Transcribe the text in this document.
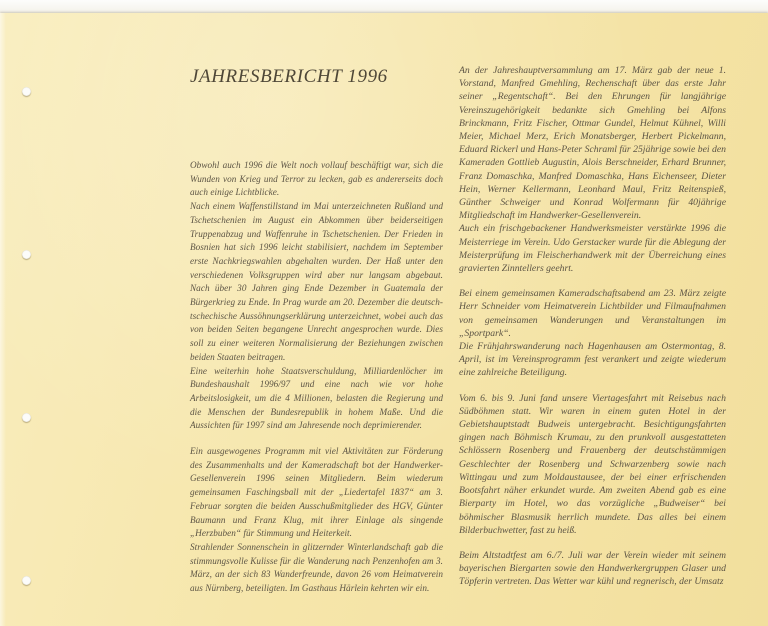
JAHRESBERICHT 1996

Obwohl auch 1996 die Welt noch vollauf beschäftigt war, sich die Wunden von Krieg und Terror zu lecken, gab es andererseits doch auch einige Lichtblicke.

Nach einem Waffenstillstand im Mai unterzeichneten Rußland und Tschetschenien im August ein Abkommen über beiderseitigen Truppenabzug und Waffenruhe in Tschetschenien. Der Frieden in Bosnien hat sich 1996 leicht stabilisiert, nachdem im September erste Nachkriegswahlen abgehalten wurden. Der Haß unter den verschiedenen Volksgruppen wird aber nur langsam abgebaut. Nach über 30 Jahren ging Ende Dezember in Guatemala der Bürgerkrieg zu Ende. In Prag wurde am 20. Dezember die deutsch-tschechische Aussöhnungserklärung unterzeichnet, wobei auch das von beiden Seiten begangene Unrecht angesprochen wurde. Dies soll zu einer weiteren Normalisierung der Beziehungen zwischen beiden Staaten beitragen.

Eine weiterhin hohe Staatsverschuldung, Milliardenlöcher im Bundeshaushalt 1996/97 und eine nach wie vor hohe Arbeitslosigkeit, um die 4 Millionen, belasten die Regierung und die Menschen der Bundesrepublik in hohem Maße. Und die Aussichten für 1997 sind am Jahresende noch deprimierender.

Ein ausgewogenes Programm mit viel Aktivitäten zur Förderung des Zusammenhalts und der Kameradschaft bot der Handwerker-Gesellenverein 1996 seinen Mitgliedern. Beim wiederum gemeinsamen Faschingsball mit der „Liedertafel 1837“ am 3. Februar sorgten die beiden Ausschußmitglieder des HGV, Günter Baumann und Franz Klug, mit ihrer Einlage als singende „Herzbuben“ für Stimmung und Heiterkeit.

Strahlender Sonnenschein in glitzernder Winterlandschaft gab die stimmungsvolle Kulisse für die Wanderung nach Penzenhofen am 3. März, an der sich 83 Wanderfreunde, davon 26 vom Heimatverein aus Nürnberg, beteiligten. Im Gasthaus Härlein kehrten wir ein.

An der Jahreshauptversammlung am 17. März gab der neue 1. Vorstand, Manfred Gmehling, Rechenschaft über das erste Jahr seiner „Regentschaft“. Bei den Ehrungen für langjährige Vereinszugehörigkeit bedankte sich Gmehling bei Alfons Brinckmann, Fritz Fischer, Ottmar Gundel, Helmut Kühnel, Willi Meier, Michael Merz, Erich Monatsberger, Herbert Pickelmann, Eduard Rickerl und Hans-Peter Schraml für 25jährige sowie bei den Kameraden Gottlieb Augustin, Alois Berschneider, Erhard Brunner, Franz Domaschka, Manfred Domaschka, Hans Eichenseer, Dieter Hein, Werner Kellermann, Leonhard Maul, Fritz Reitenspieß, Günther Schweiger und Konrad Wolfermann für 40jährige Mitgliedschaft im Handwerker-Gesellenverein.

Auch ein frischgebackener Handwerksmeister verstärkte 1996 die Meisterriege im Verein. Udo Gerstacker wurde für die Ablegung der Meisterprüfung im Fleischerhandwerk mit der Überreichung eines gravierten Zinntellers geehrt.

Bei einem gemeinsamen Kameradschaftsabend am 23. März zeigte Herr Schneider vom Heimatverein Lichtbilder und Filmaufnahmen von gemeinsamen Wanderungen und Veranstaltungen im „Sportpark“.

Die Frühjahrswanderung nach Hagenhausen am Ostermontag, 8. April, ist im Vereinsprogramm fest verankert und zeigte wiederum eine zahlreiche Beteiligung.

Vom 6. bis 9. Juni fand unsere Viertagesfahrt mit Reisebus nach Südböhmen statt. Wir waren in einem guten Hotel in der Gebietshauptstadt Budweis untergebracht. Besichtigungsfahrten gingen nach Böhmisch Krumau, zu den prunkvoll ausgestatteten Schlössern Rosenberg und Frauenberg der deutschstämmigen Geschlechter der Rosenberg und Schwarzenberg sowie nach Wittingau und zum Moldaustausee, der bei einer erfrischenden Bootsfahrt näher erkundet wurde. Am zweiten Abend gab es eine Bierparty im Hotel, wo das vorzügliche „Budweiser“ bei böhmischer Blasmusik herrlich mundete. Das alles bei einem Bilderbuchwetter, fast zu heiß.

Beim Altstadtfest am 6./7. Juli war der Verein wieder mit seinem bayerischen Biergarten sowie den Handwerkergruppen Glaser und Töpferin vertreten. Das Wetter war kühl und regnerisch, der Umsatz
